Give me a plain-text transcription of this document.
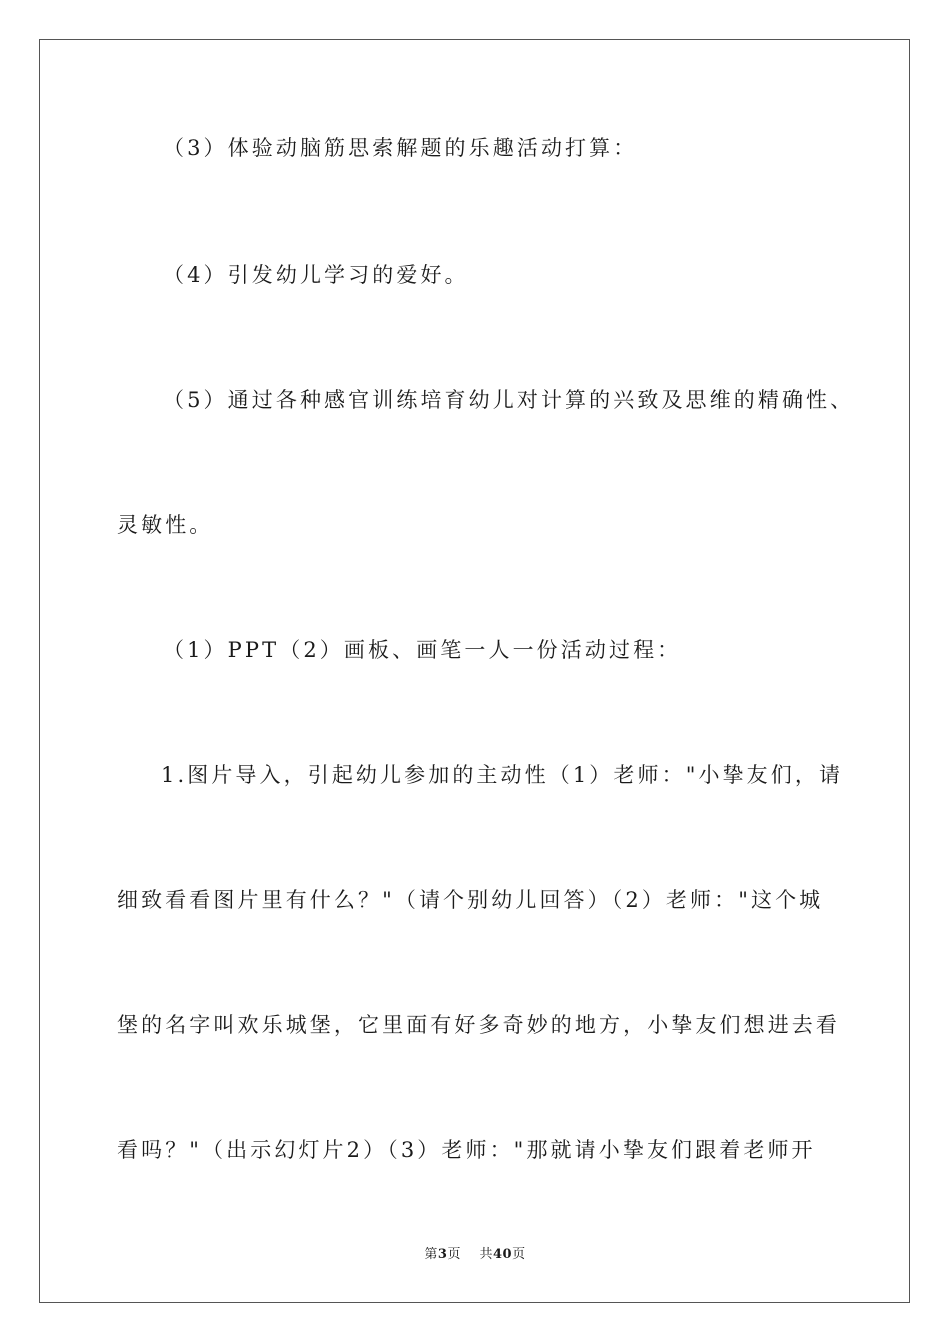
（3）体验动脑筋思索解题的乐趣活动打算：
（4）引发幼儿学习的爱好。
（5）通过各种感官训练培育幼儿对计算的兴致及思维的精确性、
灵敏性。
（1）PPT（2）画板、画笔一人一份活动过程：
1.图片导入，引起幼儿参加的主动性（1）老师："小挚友们，请
细致看看图片里有什么？"（请个别幼儿回答）（2）老师："这个城
堡的名字叫欢乐城堡，它里面有好多奇妙的地方，小挚友们想进去看
看吗？"（出示幻灯片2）（3）老师："那就请小挚友们跟着老师开
第3页 共40页
